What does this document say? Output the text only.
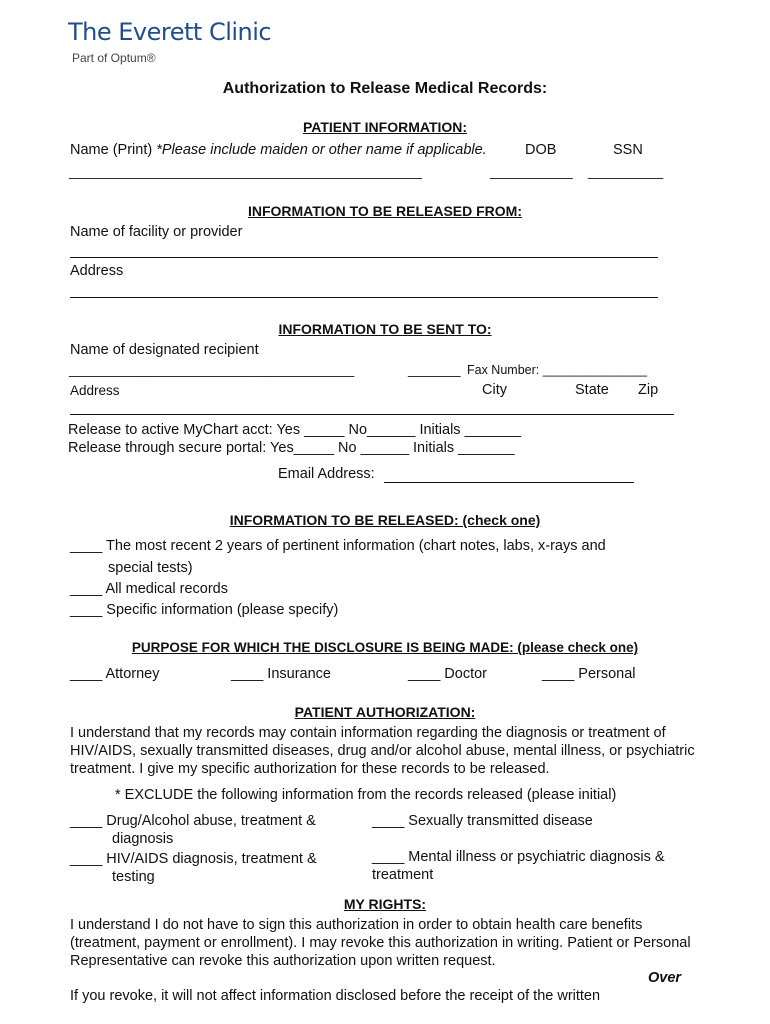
The Everett Clinic
Part of Optum®
Authorization to Release Medical Records:
PATIENT INFORMATION:
Name (Print) *Please include maiden or other name if applicable.	DOB	SSN
_______________________________________________	___________ __________
INFORMATION TO BE RELEASED FROM:
Name of facility or provider
Address
INFORMATION TO BE SENT TO:
Name of designated recipient
______________________________________	_______ Fax Number: _______________
Address	City	State Zip
Release to active MyChart acct: Yes _____ No______ Initials _______
Release through secure portal: Yes_____ No ______ Initials _______
Email Address:
INFORMATION TO BE RELEASED: (check one)
____ The most recent 2 years of pertinent information (chart notes, labs, x-rays and
special tests)
____ All medical records
____ Specific information (please specify)
PURPOSE FOR WHICH THE DISCLOSURE IS BEING MADE: (please check one)
____ Attorney	____ Insurance	____ Doctor	____ Personal
PATIENT AUTHORIZATION:
I understand that my records may contain information regarding the diagnosis or treatment of HIV/AIDS, sexually transmitted diseases, drug and/or alcohol abuse, mental illness, or psychiatric treatment. I give my specific authorization for these records to be released.
* EXCLUDE the following information from the records released (please initial)
____ Drug/Alcohol abuse, treatment &
diagnosis
____ HIV/AIDS diagnosis, treatment &
testing
____ Sexually transmitted disease
____ Mental illness or psychiatric diagnosis &
treatment
MY RIGHTS:
I understand I do not have to sign this authorization in order to obtain health care benefits (treatment, payment or enrollment). I may revoke this authorization in writing. Patient or Personal Representative can revoke this authorization upon written request.
Over
If you revoke, it will not affect information disclosed before the receipt of the written
